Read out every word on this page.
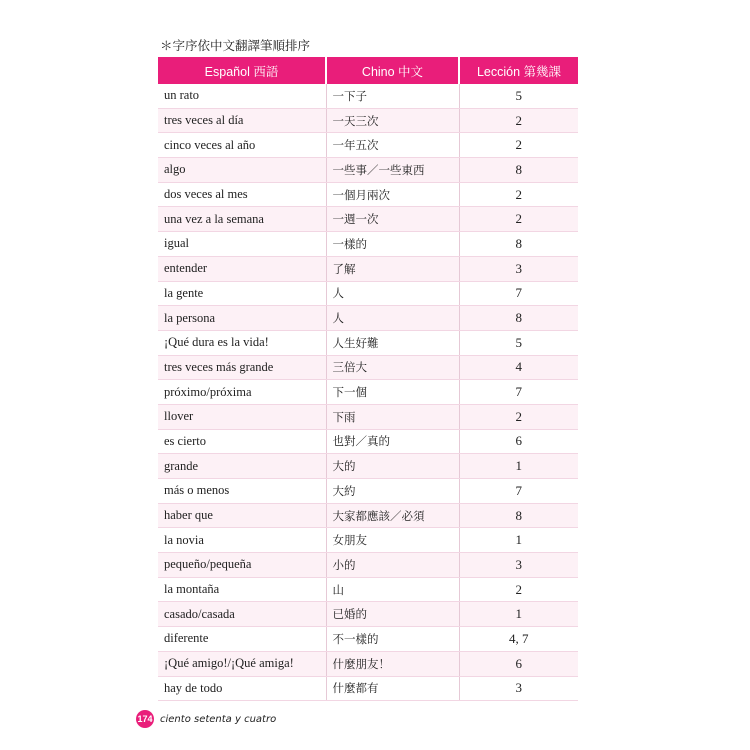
＊字序依中文翻譯筆順排序
Español 西語	Chino 中文	Lección 第幾課
un rato	一下子	5
tres veces al día	一天三次	2
cinco veces al año	一年五次	2
algo	一些事／一些東西	8
dos veces al mes	一個月兩次	2
una vez a la semana	一週一次	2
igual	一樣的	8
entender	了解	3
la gente	人	7
la persona	人	8
¡Qué dura es la vida!	人生好難	5
tres veces más grande	三倍大	4
próximo/próxima	下一個	7
llover	下雨	2
es cierto	也對／真的	6
grande	大的	1
más o menos	大約	7
haber que	大家都應該／必須	8
la novia	女朋友	1
pequeño/pequeña	小的	3
la montaña	山	2
casado/casada	已婚的	1
diferente	不一樣的	4, 7
¡Qué amigo!/¡Qué amiga!	什麼朋友！	6
hay de todo	什麼都有	3
174 ciento setenta y cuatro
